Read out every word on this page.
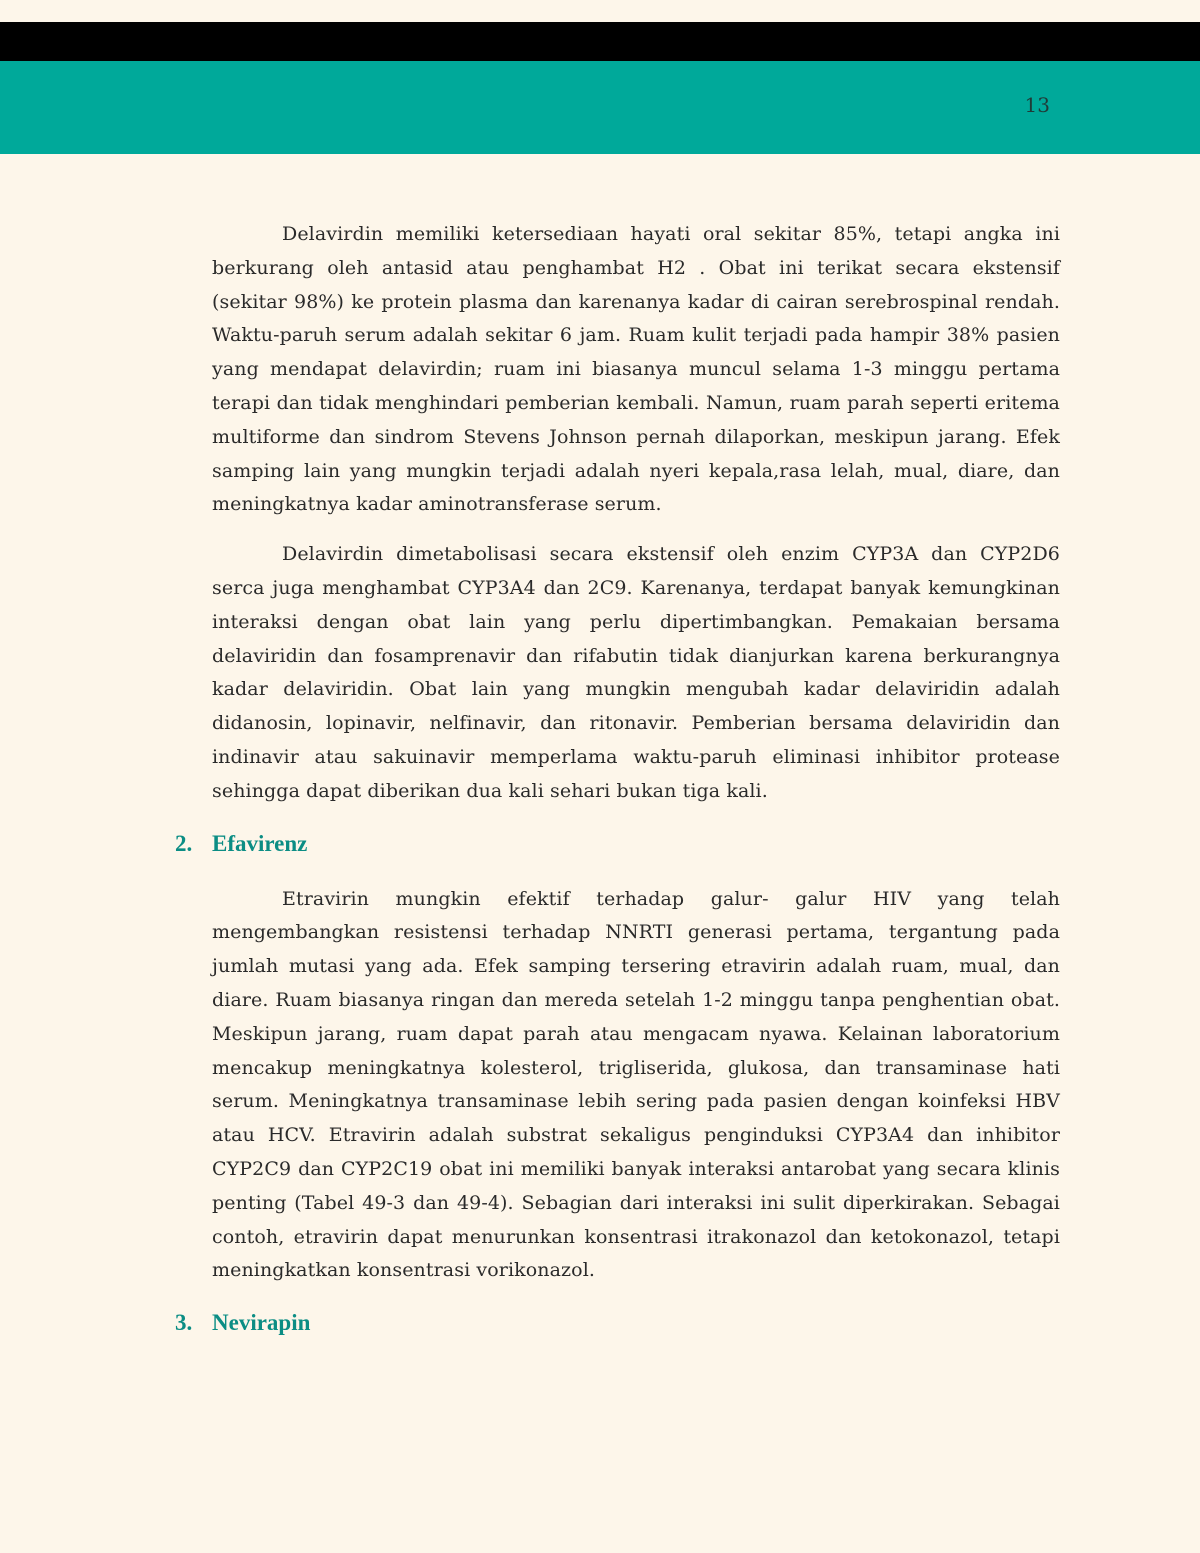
13

Delavirdin memiliki ketersediaan hayati oral sekitar 85%, tetapi angka ini berkurang oleh antasid atau penghambat H2 . Obat ini terikat secara ekstensif (sekitar 98%) ke protein plasma dan karenanya kadar di cairan serebrospinal rendah. Waktu-paruh serum adalah sekitar 6 jam. Ruam kulit terjadi pada hampir 38% pasien yang mendapat delavirdin; ruam ini biasanya muncul selama 1-3 minggu pertama terapi dan tidak menghindari pemberian kembali. Namun, ruam parah seperti eritema multiforme dan sindrom Stevens Johnson pernah dilaporkan, meskipun jarang. Efek samping lain yang mungkin terjadi adalah nyeri kepala,rasa lelah, mual, diare, dan meningkatnya kadar aminotransferase serum.

Delavirdin dimetabolisasi secara ekstensif oleh enzim CYP3A dan CYP2D6 serca juga menghambat CYP3A4 dan 2C9. Karenanya, terdapat banyak kemungkinan interaksi dengan obat lain yang perlu dipertimbangkan. Pemakaian bersama delaviridin dan fosamprenavir dan rifabutin tidak dianjurkan karena berkurangnya kadar delaviridin. Obat lain yang mungkin mengubah kadar delaviridin adalah didanosin, lopinavir, nelfinavir, dan ritonavir. Pemberian bersama delaviridin dan indinavir atau sakuinavir memperlama waktu-paruh eliminasi inhibitor protease sehingga dapat diberikan dua kali sehari bukan tiga kali.

2. Efavirenz

Etravirin mungkin efektif terhadap galur- galur HIV yang telah mengembangkan resistensi terhadap NNRTI generasi pertama, tergantung pada jumlah mutasi yang ada. Efek samping tersering etravirin adalah ruam, mual, dan diare. Ruam biasanya ringan dan mereda setelah 1-2 minggu tanpa penghentian obat. Meskipun jarang, ruam dapat parah atau mengacam nyawa. Kelainan laboratorium mencakup meningkatnya kolesterol, trigliserida, glukosa, dan transaminase hati serum. Meningkatnya transaminase lebih sering pada pasien dengan koinfeksi HBV atau HCV. Etravirin adalah substrat sekaligus penginduksi CYP3A4 dan inhibitor CYP2C9 dan CYP2C19 obat ini memiliki banyak interaksi antarobat yang secara klinis penting (Tabel 49-3 dan 49-4). Sebagian dari interaksi ini sulit diperkirakan. Sebagai contoh, etravirin dapat menurunkan konsentrasi itrakonazol dan ketokonazol, tetapi meningkatkan konsentrasi vorikonazol.

3. Nevirapin
